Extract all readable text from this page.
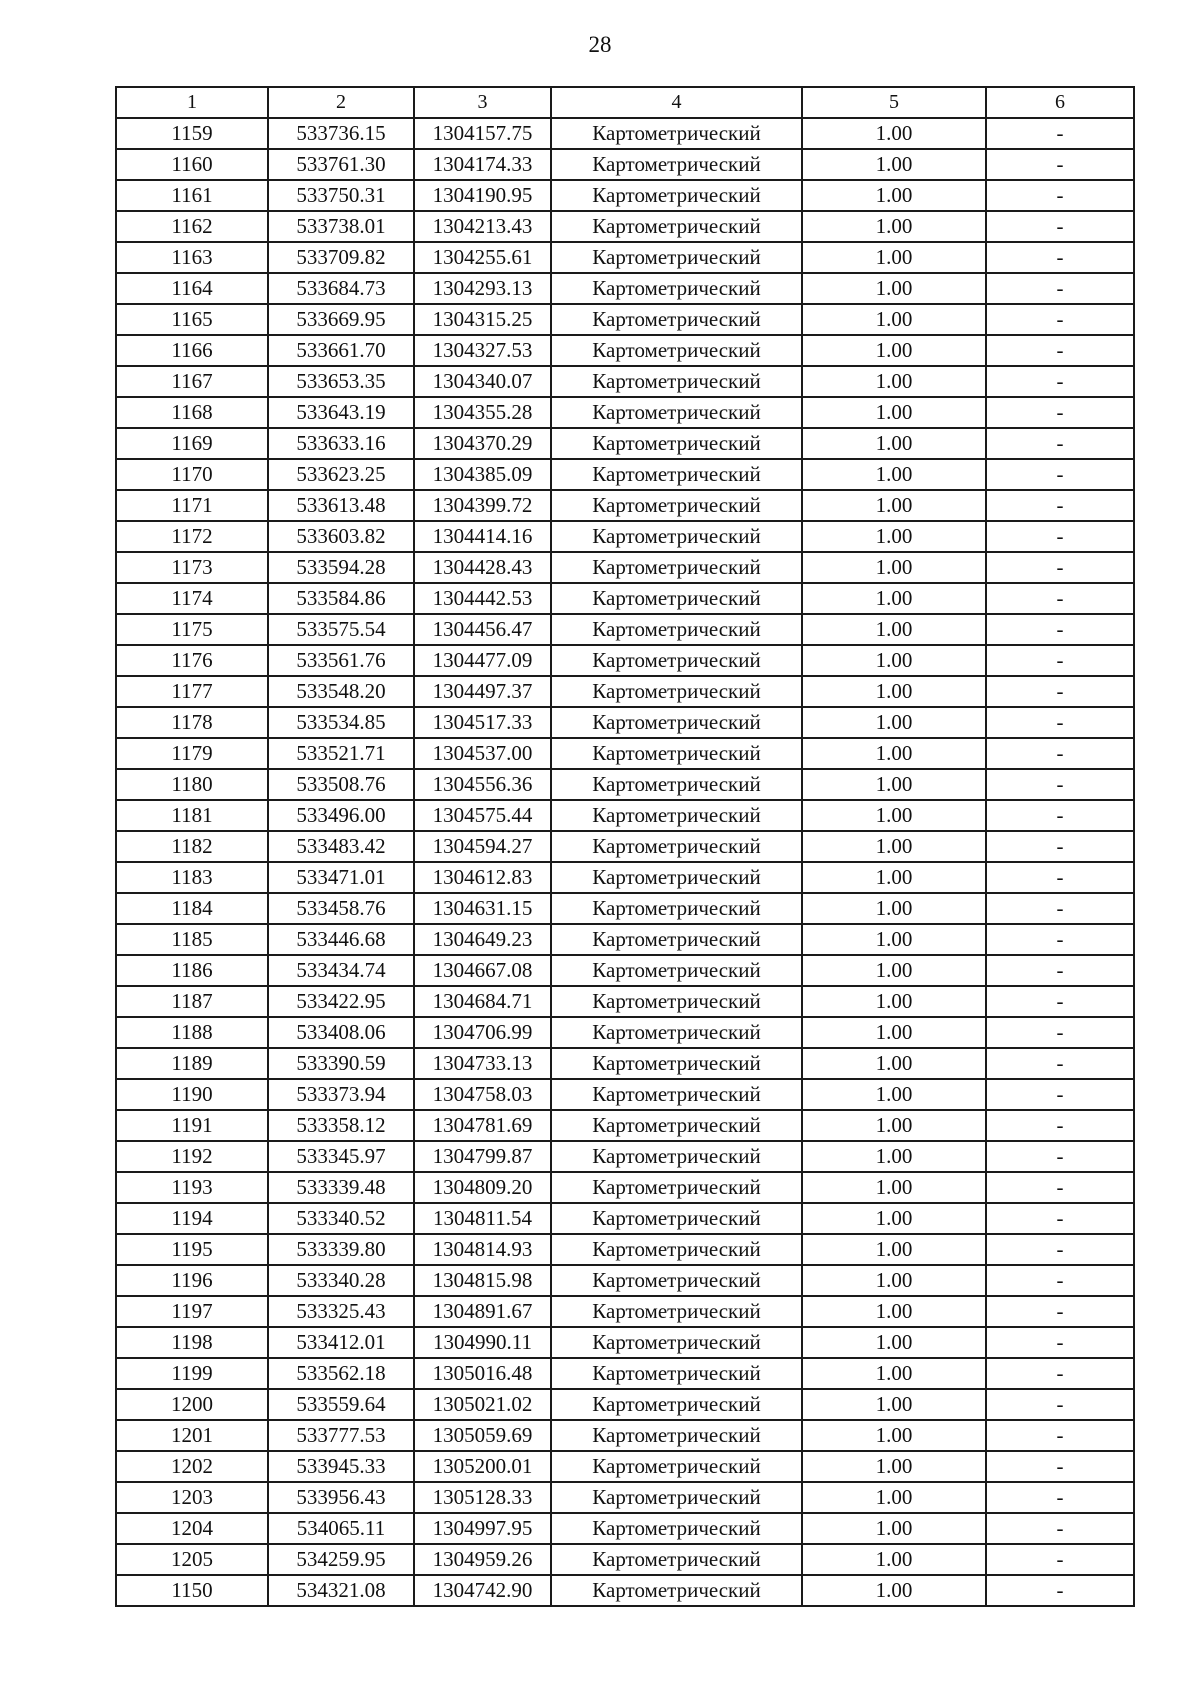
28
1	2	3	4	5	6
1159	533736.15	1304157.75	Картометрический	1.00	-
1160	533761.30	1304174.33	Картометрический	1.00	-
1161	533750.31	1304190.95	Картометрический	1.00	-
1162	533738.01	1304213.43	Картометрический	1.00	-
1163	533709.82	1304255.61	Картометрический	1.00	-
1164	533684.73	1304293.13	Картометрический	1.00	-
1165	533669.95	1304315.25	Картометрический	1.00	-
1166	533661.70	1304327.53	Картометрический	1.00	-
1167	533653.35	1304340.07	Картометрический	1.00	-
1168	533643.19	1304355.28	Картометрический	1.00	-
1169	533633.16	1304370.29	Картометрический	1.00	-
1170	533623.25	1304385.09	Картометрический	1.00	-
1171	533613.48	1304399.72	Картометрический	1.00	-
1172	533603.82	1304414.16	Картометрический	1.00	-
1173	533594.28	1304428.43	Картометрический	1.00	-
1174	533584.86	1304442.53	Картометрический	1.00	-
1175	533575.54	1304456.47	Картометрический	1.00	-
1176	533561.76	1304477.09	Картометрический	1.00	-
1177	533548.20	1304497.37	Картометрический	1.00	-
1178	533534.85	1304517.33	Картометрический	1.00	-
1179	533521.71	1304537.00	Картометрический	1.00	-
1180	533508.76	1304556.36	Картометрический	1.00	-
1181	533496.00	1304575.44	Картометрический	1.00	-
1182	533483.42	1304594.27	Картометрический	1.00	-
1183	533471.01	1304612.83	Картометрический	1.00	-
1184	533458.76	1304631.15	Картометрический	1.00	-
1185	533446.68	1304649.23	Картометрический	1.00	-
1186	533434.74	1304667.08	Картометрический	1.00	-
1187	533422.95	1304684.71	Картометрический	1.00	-
1188	533408.06	1304706.99	Картометрический	1.00	-
1189	533390.59	1304733.13	Картометрический	1.00	-
1190	533373.94	1304758.03	Картометрический	1.00	-
1191	533358.12	1304781.69	Картометрический	1.00	-
1192	533345.97	1304799.87	Картометрический	1.00	-
1193	533339.48	1304809.20	Картометрический	1.00	-
1194	533340.52	1304811.54	Картометрический	1.00	-
1195	533339.80	1304814.93	Картометрический	1.00	-
1196	533340.28	1304815.98	Картометрический	1.00	-
1197	533325.43	1304891.67	Картометрический	1.00	-
1198	533412.01	1304990.11	Картометрический	1.00	-
1199	533562.18	1305016.48	Картометрический	1.00	-
1200	533559.64	1305021.02	Картометрический	1.00	-
1201	533777.53	1305059.69	Картометрический	1.00	-
1202	533945.33	1305200.01	Картометрический	1.00	-
1203	533956.43	1305128.33	Картометрический	1.00	-
1204	534065.11	1304997.95	Картометрический	1.00	-
1205	534259.95	1304959.26	Картометрический	1.00	-
1150	534321.08	1304742.90	Картометрический	1.00	-
